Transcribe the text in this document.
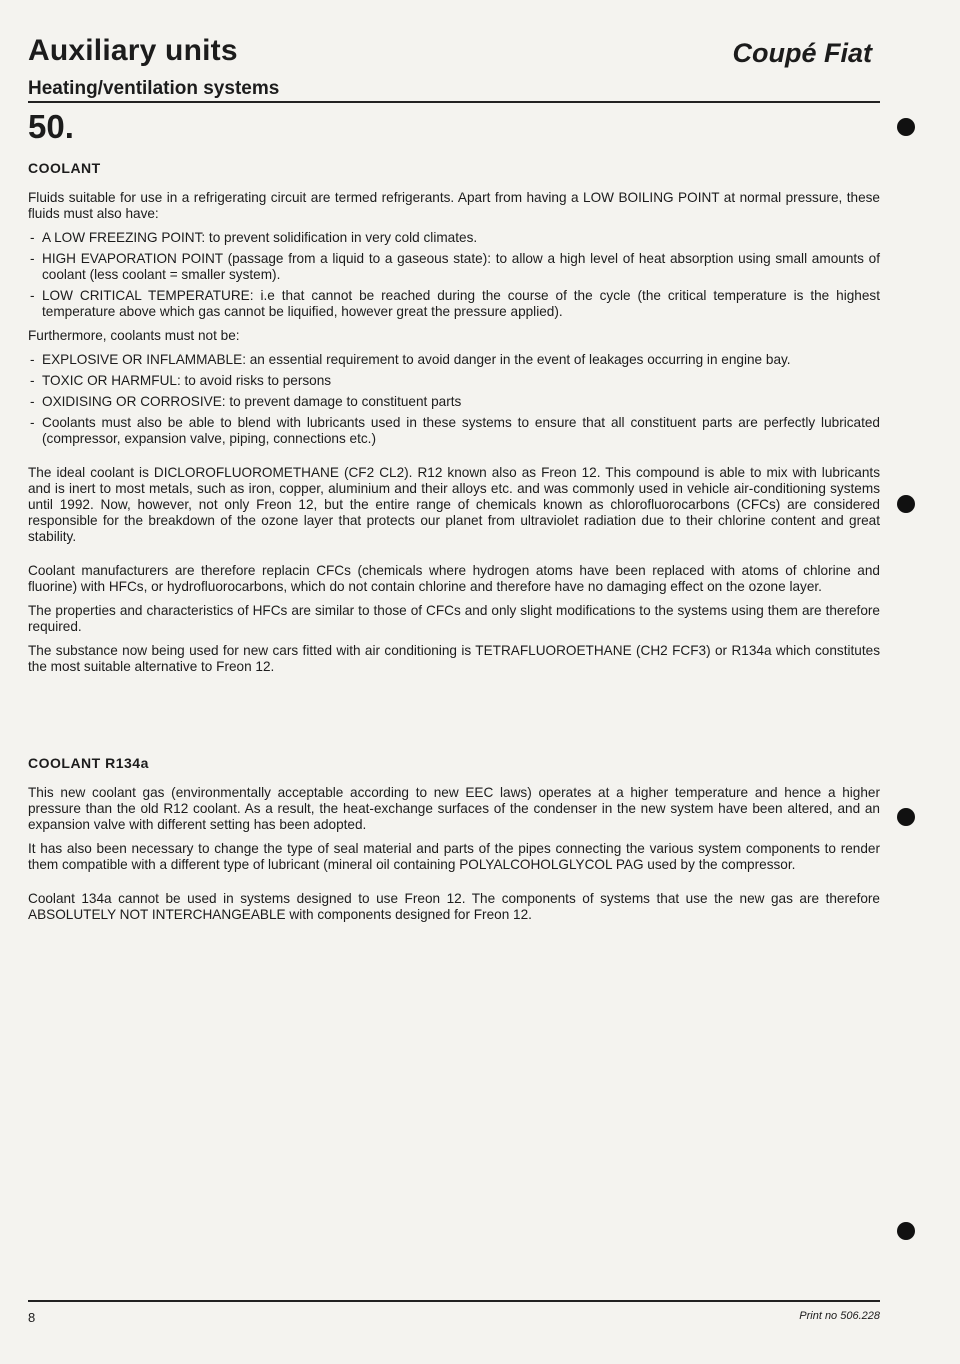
Auxiliary units	Coupé Fiat
Heating/ventilation systems
50.
COOLANT

Fluids suitable for use in a refrigerating circuit are termed refrigerants. Apart from having a LOW BOILING POINT at normal pressure, these fluids must also have:

- A LOW FREEZING POINT: to prevent solidification in very cold climates.
- HIGH EVAPORATION POINT (passage from a liquid to a gaseous state): to allow a high level of heat absorption using small amounts of coolant (less coolant = smaller system).
- LOW CRITICAL TEMPERATURE: i.e that cannot be reached during the course of the cycle (the critical temperature is the highest temperature above which gas cannot be liquified, however great the pressure applied).

Furthermore, coolants must not be:

- EXPLOSIVE OR INFLAMMABLE: an essential requirement to avoid danger in the event of leakages occurring in engine bay.
- TOXIC OR HARMFUL: to avoid risks to persons
- OXIDISING OR CORROSIVE: to prevent damage to constituent parts
- Coolants must also be able to blend with lubricants used in these systems to ensure that all constituent parts are perfectly lubricated (compressor, expansion valve, piping, connections etc.)

The ideal coolant is DICLOROFLUOROMETHANE (CF2 CL2). R12 known also as Freon 12. This compound is able to mix with lubricants and is inert to most metals, such as iron, copper, aluminium and their alloys etc. and was commonly used in vehicle air-conditioning systems until 1992. Now, however, not only Freon 12, but the entire range of chemicals known as chlorofluorocarbons (CFCs) are considered responsible for the breakdown of the ozone layer that protects our planet from ultraviolet radiation due to their chlorine content and great stability.

Coolant manufacturers are therefore replacin CFCs (chemicals where hydrogen atoms have been replaced with atoms of chlorine and fluorine) with HFCs, or hydrofluorocarbons, which do not contain chlorine and therefore have no damaging effect on the ozone layer.

The properties and characteristics of HFCs are similar to those of CFCs and only slight modifications to the systems using them are therefore required.

The substance now being used for new cars fitted with air conditioning is TETRAFLUOROETHANE (CH2 FCF3) or R134a which constitutes the most suitable alternative to Freon 12.

COOLANT R134a

This new coolant gas (environmentally acceptable according to new EEC laws) operates at a higher temperature and hence a higher pressure than the old R12 coolant. As a result, the heat-exchange surfaces of the condenser in the new system have been altered, and an expansion valve with different setting has been adopted.

It has also been necessary to change the type of seal material and parts of the pipes connecting the various system components to render them compatible with a different type of lubricant (mineral oil containing POLYALCOHOLGLYCOL PAG used by the compressor.

Coolant 134a cannot be used in systems designed to use Freon 12. The components of systems that use the new gas are therefore ABSOLUTELY NOT INTERCHANGEABLE with components designed for Freon 12.

8	Print no 506.228
